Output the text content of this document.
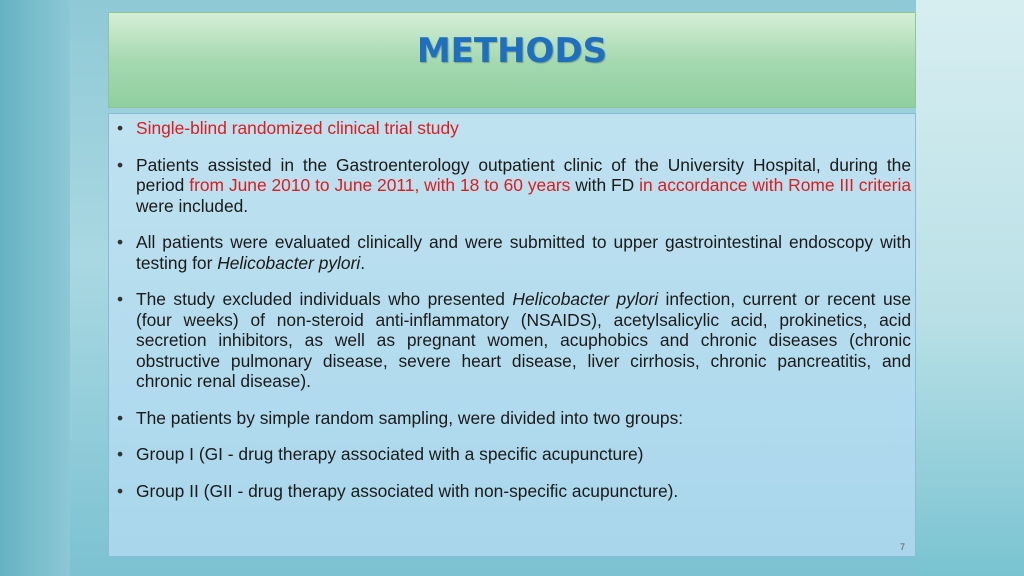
METHODS
• Single-blind randomized clinical trial study
• Patients assisted in the Gastroenterology outpatient clinic of the University Hospital, during the period from June 2010 to June 2011, with 18 to 60 years with FD in accordance with Rome III criteria were included.
• All patients were evaluated clinically and were submitted to upper gastrointestinal endoscopy with testing for Helicobacter pylori.
• The study excluded individuals who presented Helicobacter pylori infection, current or recent use (four weeks) of non-steroid anti-inflammatory (NSAIDS), acetylsalicylic acid, prokinetics, acid secretion inhibitors, as well as pregnant women, acuphobics and chronic diseases (chronic obstructive pulmonary disease, severe heart disease, liver cirrhosis, chronic pancreatitis, and chronic renal disease).
• The patients by simple random sampling, were divided into two groups:
• Group I (GI - drug therapy associated with a specific acupuncture)
• Group II (GII - drug therapy associated with non-specific acupuncture).
7
